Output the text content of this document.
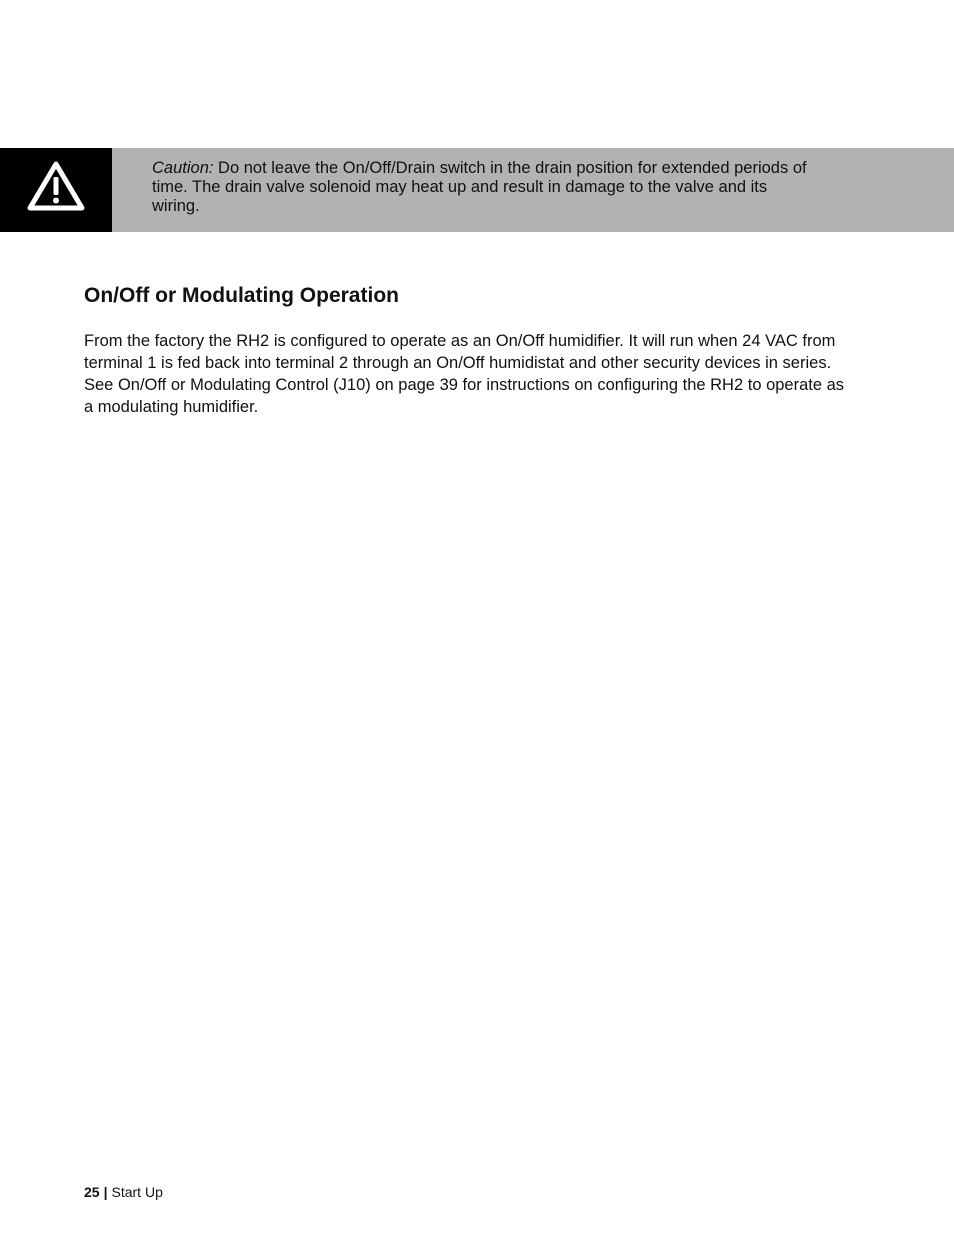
Caution: Do not leave the On/Off/Drain switch in the drain position for extended periods of time. The drain valve solenoid may heat up and result in damage to the valve and its wiring.
On/Off or Modulating Operation

From the factory the RH2 is configured to operate as an On/Off humidifier. It will run when 24 VAC from terminal 1 is fed back into terminal 2 through an On/Off humidistat and other security devices in series. See On/Off or Modulating Control (J10) on page 39 for instructions on configuring the RH2 to operate as a modulating humidifier.

25 | Start Up
